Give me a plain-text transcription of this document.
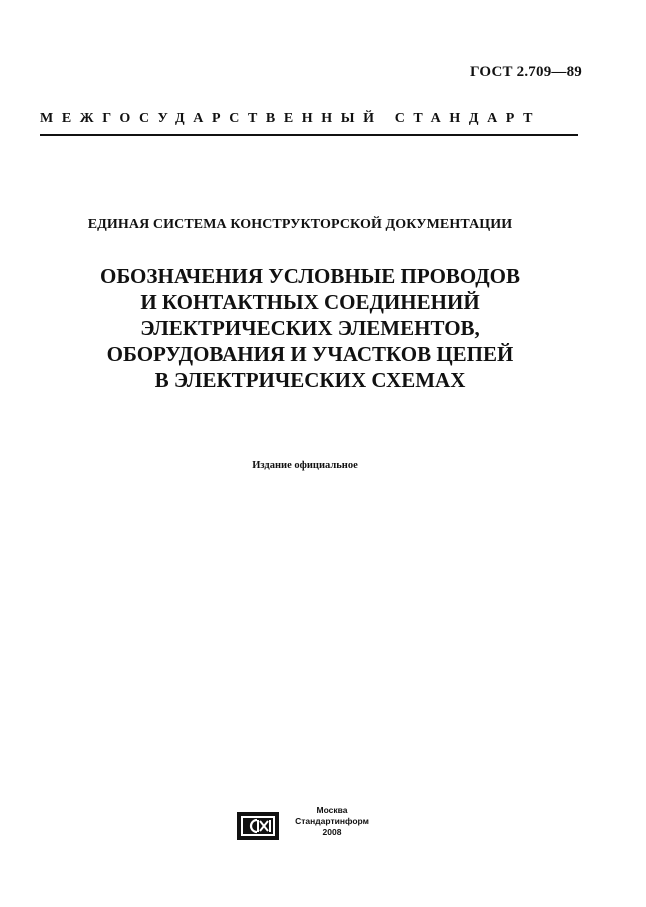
ГОСТ 2.709—89
МЕЖГОСУДАРСТВЕННЫЙ СТАНДАРТ
ЕДИНАЯ СИСТЕМА КОНСТРУКТОРСКОЙ ДОКУМЕНТАЦИИ
ОБОЗНАЧЕНИЯ УСЛОВНЫЕ ПРОВОДОВ
И КОНТАКТНЫХ СОЕДИНЕНИЙ
ЭЛЕКТРИЧЕСКИХ ЭЛЕМЕНТОВ,
ОБОРУДОВАНИЯ И УЧАСТКОВ ЦЕПЕЙ
В ЭЛЕКТРИЧЕСКИХ СХЕМАХ
Издание официальное
Москва
Стандартинформ
2008
